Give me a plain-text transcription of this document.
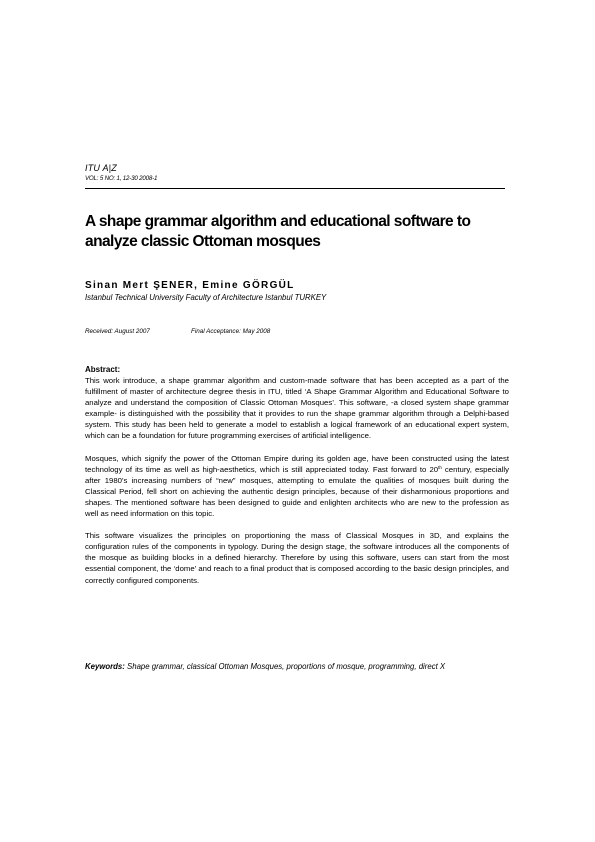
ITU A|Z
VOL: 5 NO: 1, 12-30 2008-1
A shape grammar algorithm and educational software to analyze classic Ottoman mosques
Sinan Mert ŞENER, Emine GÖRGÜL
Istanbul Technical University Faculty of Architecture Istanbul TURKEY
Received: August 2007	Final Acceptance: May 2008
Abstract:

This work introduce, a shape grammar algorithm and custom-made software that has been accepted as a part of the fulfillment of master of architecture degree thesis in ITU, titled ‘A Shape Grammar Algorithm and Educational Software to analyze and understand the composition of Classic Ottoman Mosques’. This software, -a closed system shape grammar example- is distinguished with the possibility that it provides to run the shape grammar algorithm through a Delphi-based system. This study has been held to generate a model to establish a logical framework of an educational expert system, which can be a foundation for future programming exercises of artificial intelligence.

Mosques, which signify the power of the Ottoman Empire during its golden age, have been constructed using the latest technology of its time as well as high-aesthetics, which is still appreciated today. Fast forward to 20th century, especially after 1980’s increasing numbers of “new” mosques, attempting to emulate the qualities of mosques built during the Classical Period, fell short on achieving the authentic design principles, because of their disharmonious proportions and shapes. The mentioned software has been designed to guide and enlighten architects who are new to the profession as well as need information on this topic.

This software visualizes the principles on proportioning the mass of Classical Mosques in 3D, and explains the configuration rules of the components in typology. During the design stage, the software introduces all the components of the mosque as building blocks in a defined hierarchy. Therefore by using this software, users can start from the most essential component, the ‘dome’ and reach to a final product that is composed according to the basic design principles, and correctly configured components.

Keywords: Shape grammar, classical Ottoman Mosques, proportions of mosque, programming, direct X
